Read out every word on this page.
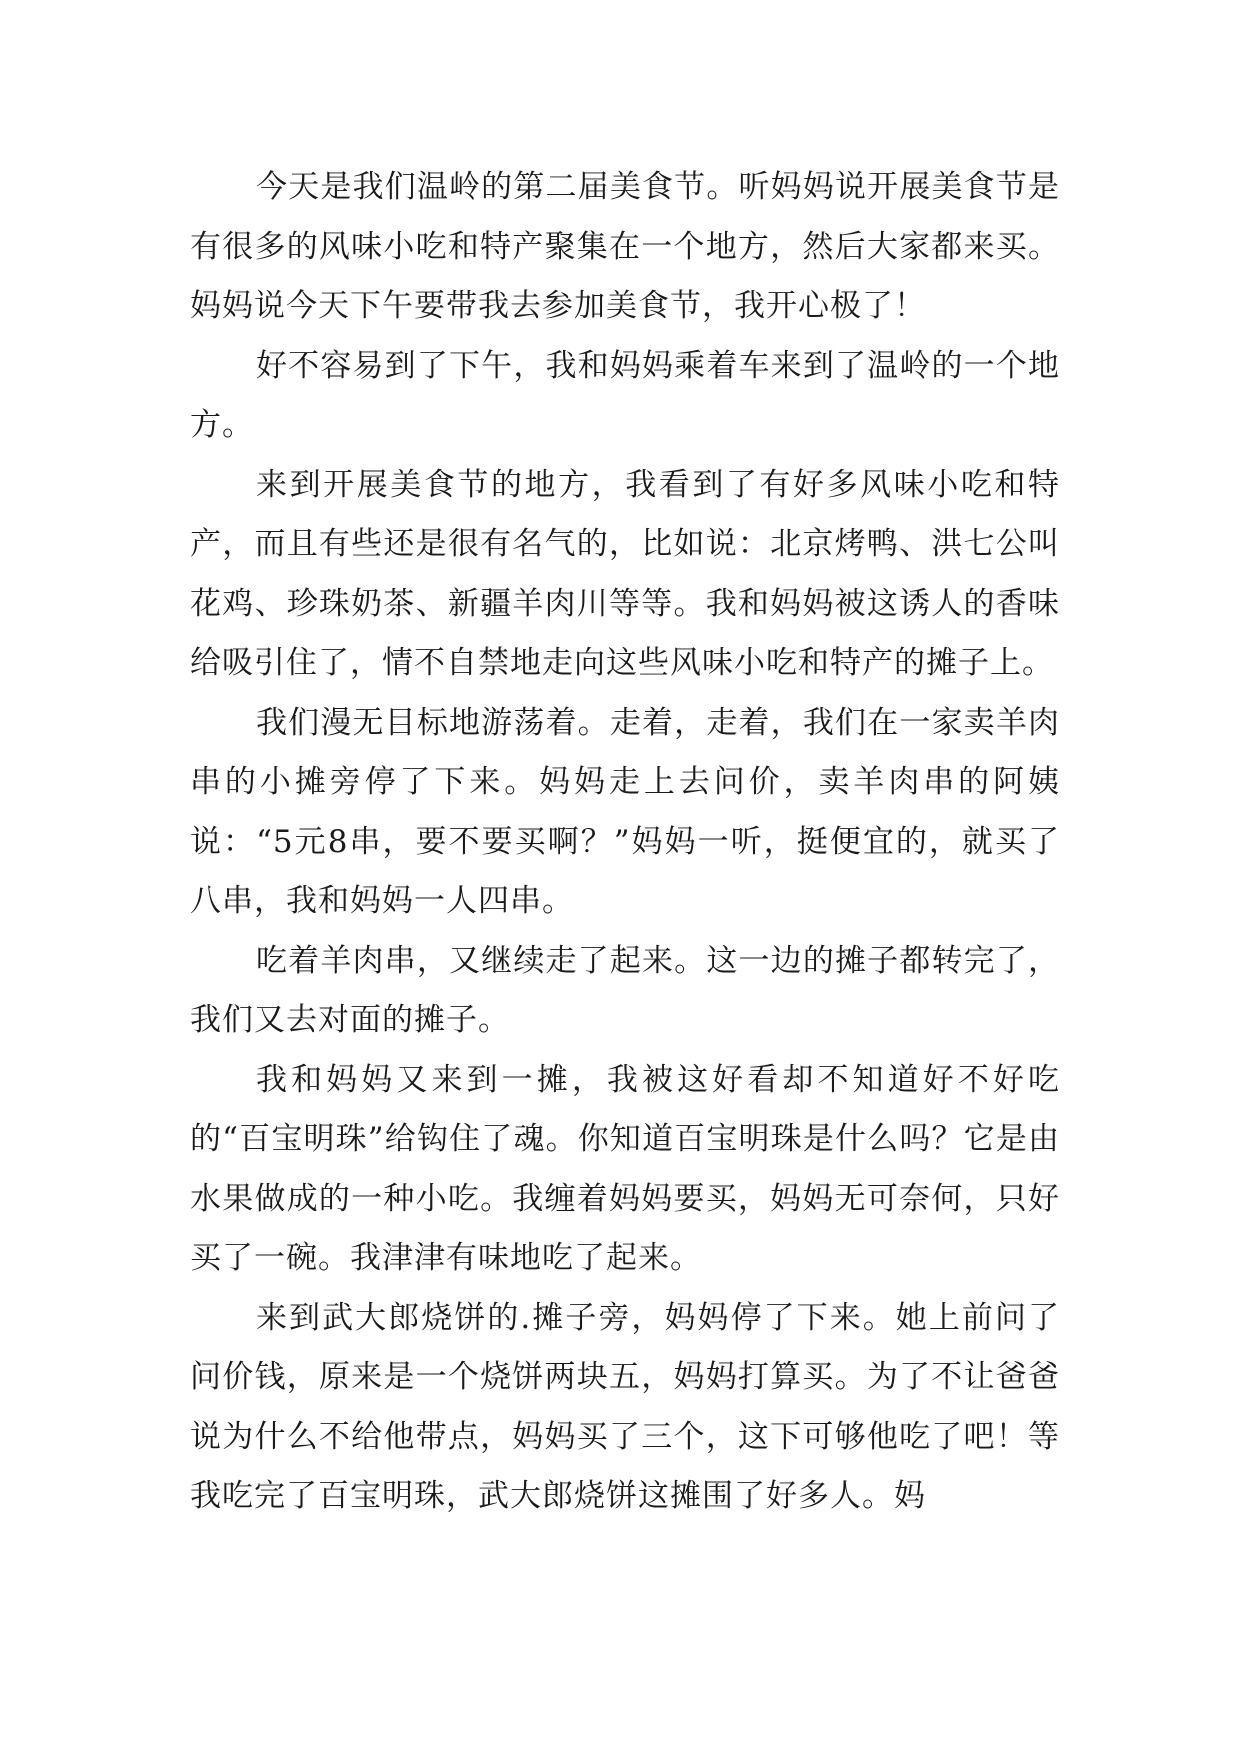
今天是我们温岭的第二届美食节。听妈妈说开展美食节是有很多的风味小吃和特产聚集在一个地方，然后大家都来买。妈妈说今天下午要带我去参加美食节，我开心极了！

好不容易到了下午，我和妈妈乘着车来到了温岭的一个地方。

来到开展美食节的地方，我看到了有好多风味小吃和特产，而且有些还是很有名气的，比如说：北京烤鸭、洪七公叫花鸡、珍珠奶茶、新疆羊肉川等等。我和妈妈被这诱人的香味给吸引住了，情不自禁地走向这些风味小吃和特产的摊子上。

我们漫无目标地游荡着。走着，走着，我们在一家卖羊肉串的小摊旁停了下来。妈妈走上去问价，卖羊肉串的阿姨说：“5元8串，要不要买啊？”妈妈一听，挺便宜的，就买了八串，我和妈妈一人四串。

吃着羊肉串，又继续走了起来。这一边的摊子都转完了，我们又去对面的摊子。

我和妈妈又来到一摊，我被这好看却不知道好不好吃的“百宝明珠”给钩住了魂。你知道百宝明珠是什么吗？它是由水果做成的一种小吃。我缠着妈妈要买，妈妈无可奈何，只好买了一碗。我津津有味地吃了起来。

来到武大郎烧饼的.摊子旁，妈妈停了下来。她上前问了问价钱，原来是一个烧饼两块五，妈妈打算买。为了不让爸爸说为什么不给他带点，妈妈买了三个，这下可够他吃了吧！等我吃完了百宝明珠，武大郎烧饼这摊围了好多人。妈
